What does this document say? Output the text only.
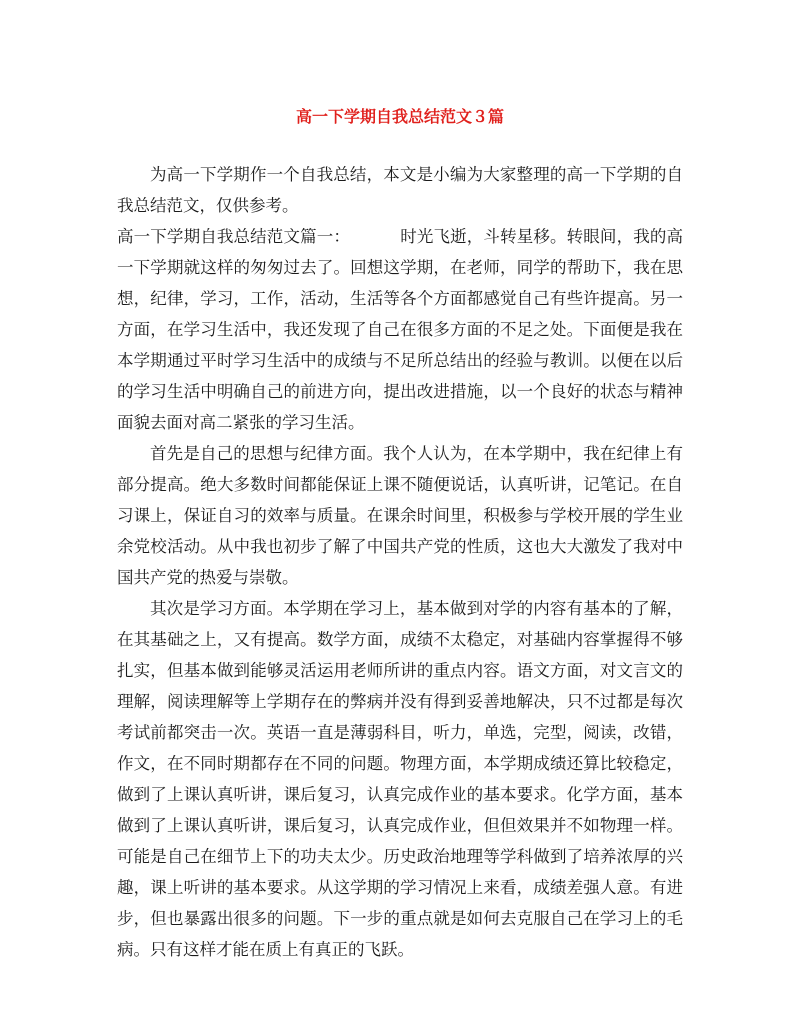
高一下学期自我总结范文３篇

为高一下学期作一个自我总结，本文是小编为大家整理的高一下学期的自我总结范文，仅供参考。

高一下学期自我总结范文篇一：	时光飞逝，斗转星移。转眼间，我的高一下学期就这样的匆匆过去了。回想这学期，在老师，同学的帮助下，我在思想，纪律，学习，工作，活动，生活等各个方面都感觉自己有些许提高。另一方面，在学习生活中，我还发现了自己在很多方面的不足之处。下面便是我在本学期通过平时学习生活中的成绩与不足所总结出的经验与教训。以便在以后的学习生活中明确自己的前进方向，提出改进措施，以一个良好的状态与精神面貌去面对高二紧张的学习生活。

首先是自己的思想与纪律方面。我个人认为，在本学期中，我在纪律上有部分提高。绝大多数时间都能保证上课不随便说话，认真听讲，记笔记。在自习课上，保证自习的效率与质量。在课余时间里，积极参与学校开展的学生业余党校活动。从中我也初步了解了中国共产党的性质，这也大大激发了我对中国共产党的热爱与崇敬。

其次是学习方面。本学期在学习上，基本做到对学的内容有基本的了解，在其基础之上，又有提高。数学方面，成绩不太稳定，对基础内容掌握得不够扎实，但基本做到能够灵活运用老师所讲的重点内容。语文方面，对文言文的理解，阅读理解等上学期存在的弊病并没有得到妥善地解决，只不过都是每次考试前都突击一次。英语一直是薄弱科目，听力，单选，完型，阅读，改错，作文，在不同时期都存在不同的问题。物理方面，本学期成绩还算比较稳定，做到了上课认真听讲，课后复习，认真完成作业的基本要求。化学方面，基本做到了上课认真听讲，课后复习，认真完成作业，但但效果并不如物理一样。可能是自己在细节上下的功夫太少。历史政治地理等学科做到了培养浓厚的兴趣，课上听讲的基本要求。从这学期的学习情况上来看，成绩差强人意。有进步，但也暴露出很多的问题。下一步的重点就是如何去克服自己在学习上的毛病。只有这样才能在质上有真正的飞跃。
